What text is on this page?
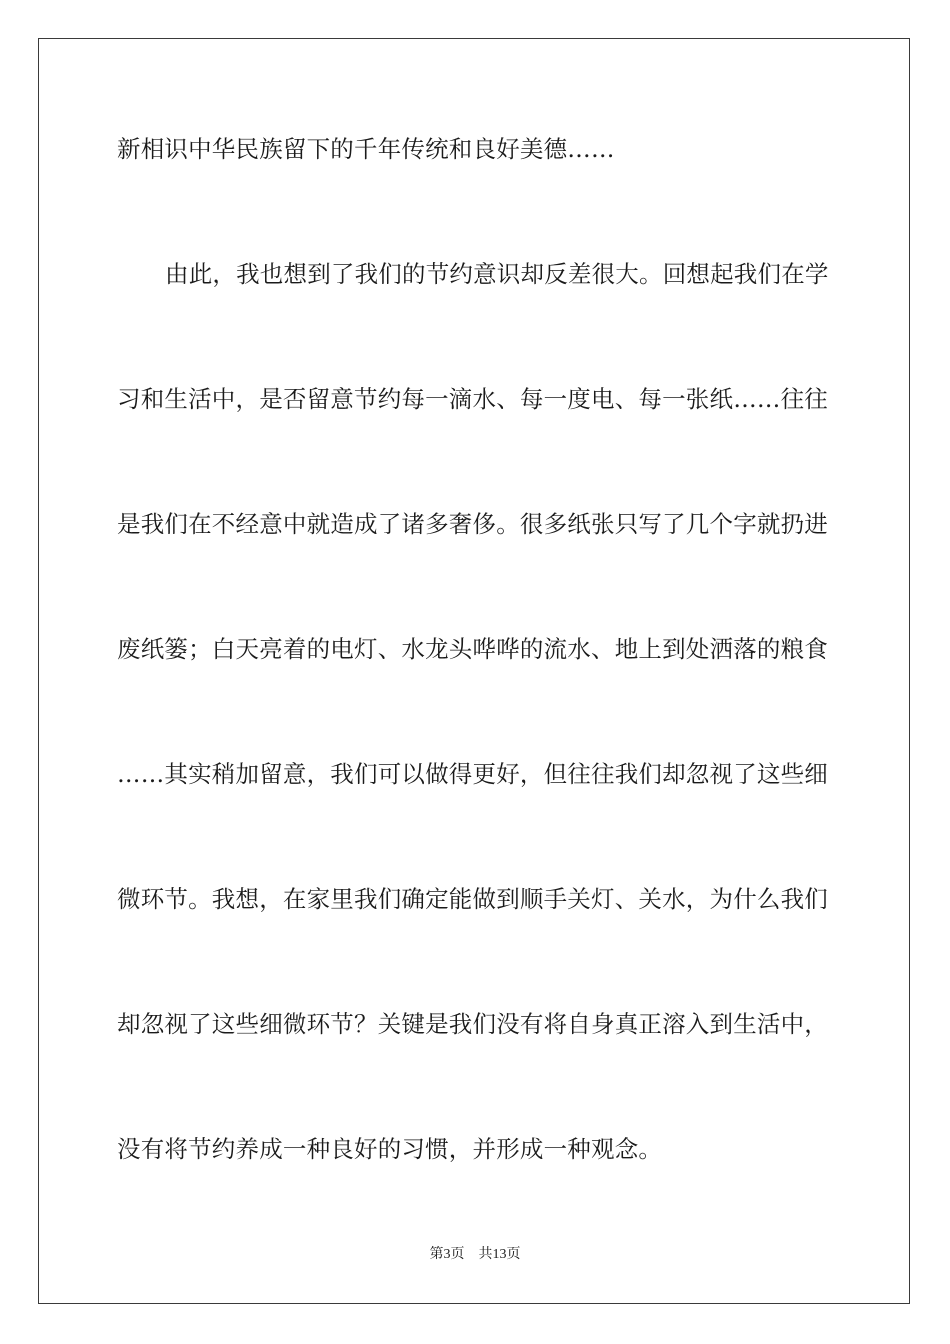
新相识中华民族留下的千年传统和良好美德……
由此，我也想到了我们的节约意识却反差很大。回想起我们在学
习和生活中，是否留意节约每一滴水、每一度电、每一张纸……往往
是我们在不经意中就造成了诸多奢侈。很多纸张只写了几个字就扔进
废纸篓；白天亮着的电灯、水龙头哗哗的流水、地上到处洒落的粮食
……其实稍加留意，我们可以做得更好，但往往我们却忽视了这些细
微环节。我想，在家里我们确定能做到顺手关灯、关水，为什么我们
却忽视了这些细微环节？关键是我们没有将自身真正溶入到生活中，
没有将节约养成一种良好的习惯，并形成一种观念。
第3页 共13页
